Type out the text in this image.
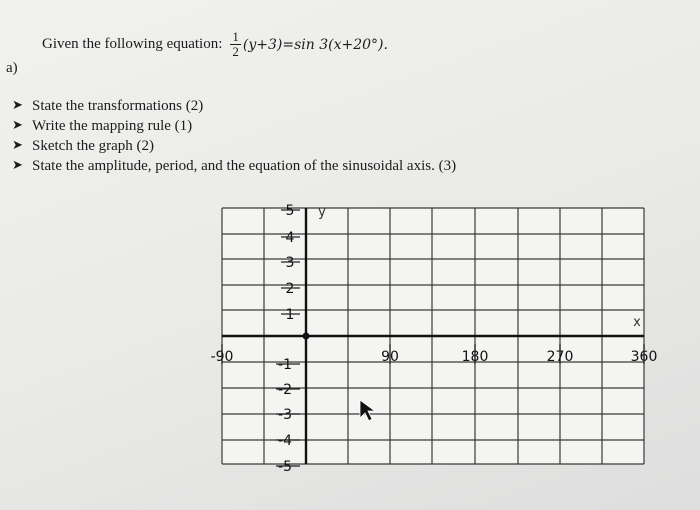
a)
Given the following equation: $\frac{1}{2} (y+3)=\sin$ 3(x+20°).
➤ State the transformations (2)
➤ Write the mapping rule (1)
➤ Sketch the graph (2)
➤ State the amplitude, period, and the equation of the sinusoidal axis. (3)
-90	90	180	270	360
5
4
3
2
1
-1
-2
-3
-4
-5
y
x
